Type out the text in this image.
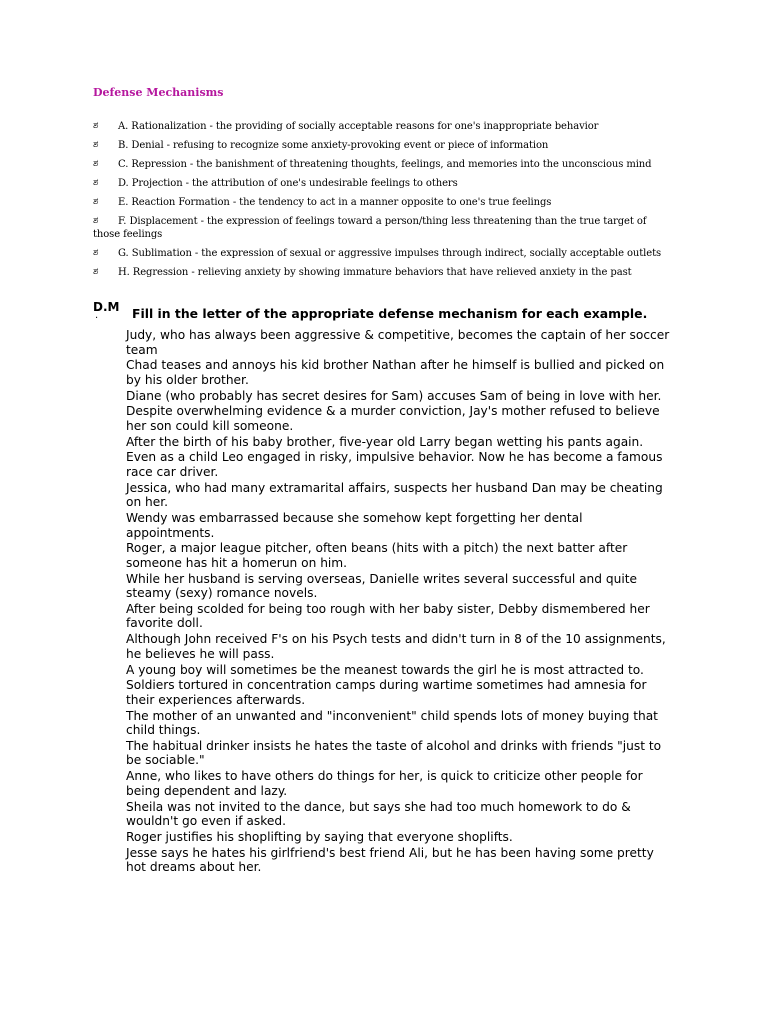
Defense Mechanisms
ಶ A. Rationalization - the providing of socially acceptable reasons for one's inappropriate behavior
ಶ B. Denial - refusing to recognize some anxiety-provoking event or piece of information
ಶ C. Repression - the banishment of threatening thoughts, feelings, and memories into the unconscious mind
ಶ D. Projection - the attribution of one's undesirable feelings to others
ಶ E. Reaction Formation - the tendency to act in a manner opposite to one's true feelings
ಶ F. Displacement - the expression of feelings toward a person/thing less threatening than the true target of those feelings
ಶ G. Sublimation - the expression of sexual or aggressive impulses through indirect, socially acceptable outlets
ಶ H. Regression - relieving anxiety by showing immature behaviors that have relieved anxiety in the past
D.M
·	Fill in the letter of the appropriate defense mechanism for each example.
Judy, who has always been aggressive & competitive, becomes the captain of her soccer team
Chad teases and annoys his kid brother Nathan after he himself is bullied and picked on by his older brother.
Diane (who probably has secret desires for Sam) accuses Sam of being in love with her.
Despite overwhelming evidence & a murder conviction, Jay's mother refused to believe her son could kill someone.
After the birth of his baby brother, five-year old Larry began wetting his pants again.
Even as a child Leo engaged in risky, impulsive behavior. Now he has become a famous race car driver.
Jessica, who had many extramarital affairs, suspects her husband Dan may be cheating on her.
Wendy was embarrassed because she somehow kept forgetting her dental appointments.
Roger, a major league pitcher, often beans (hits with a pitch) the next batter after someone has hit a homerun on him.
While her husband is serving overseas, Danielle writes several successful and quite steamy (sexy) romance novels.
After being scolded for being too rough with her baby sister, Debby dismembered her favorite doll.
Although John received F's on his Psych tests and didn't turn in 8 of the 10 assignments, he believes he will pass.
A young boy will sometimes be the meanest towards the girl he is most attracted to.
Soldiers tortured in concentration camps during wartime sometimes had amnesia for their experiences afterwards.
The mother of an unwanted and "inconvenient" child spends lots of money buying that child things.
The habitual drinker insists he hates the taste of alcohol and drinks with friends "just to be sociable."
Anne, who likes to have others do things for her, is quick to criticize other people for being dependent and lazy.
Sheila was not invited to the dance, but says she had too much homework to do & wouldn't go even if asked.
Roger justifies his shoplifting by saying that everyone shoplifts.
Jesse says he hates his girlfriend's best friend Ali, but he has been having some pretty hot dreams about her.
